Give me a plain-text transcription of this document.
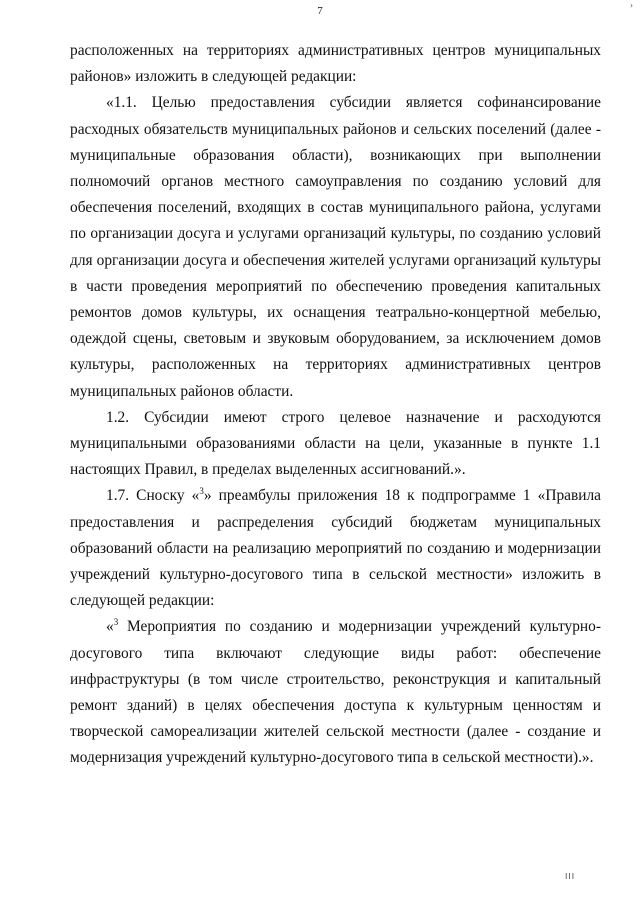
7	›

расположенных на территориях административных центров муниципальных районов» изложить в следующей редакции:

«1.1. Целью предоставления субсидии является софинансирование расходных обязательств муниципальных районов и сельских поселений (далее - муниципальные образования области), возникающих при выполнении полномочий органов местного самоуправления по созданию условий для обеспечения поселений, входящих в состав муниципального района, услугами по организации досуга и услугами организаций культуры, по созданию условий для организации досуга и обеспечения жителей услугами организаций культуры в части проведения мероприятий по обеспечению проведения капитальных ремонтов домов культуры, их оснащения театрально-концертной мебелью, одеждой сцены, световым и звуковым оборудованием, за исключением домов культуры, расположенных на территориях административных центров муниципальных районов области.

1.2. Субсидии имеют строго целевое назначение и расходуются муниципальными образованиями области на цели, указанные в пункте 1.1 настоящих Правил, в пределах выделенных ассигнований.».

1.7. Сноску «$^3$» преамбулы приложения 18 к подпрограмме 1 «Правила предоставления и распределения субсидий бюджетам муниципальных образований области на реализацию мероприятий по созданию и модернизации учреждений культурно-досугового типа в сельской местности» изложить в следующей редакции:

«$^3$ Мероприятия по созданию и модернизации учреждений культурно-досугового типа включают следующие виды работ: обеспечение инфраструктуры (в том числе строительство, реконструкция и капитальный ремонт зданий) в целях обеспечения доступа к культурным ценностям и творческой самореализации жителей сельской местности (далее - создание и модернизация учреждений культурно-досугового типа в сельской местности).».

III
